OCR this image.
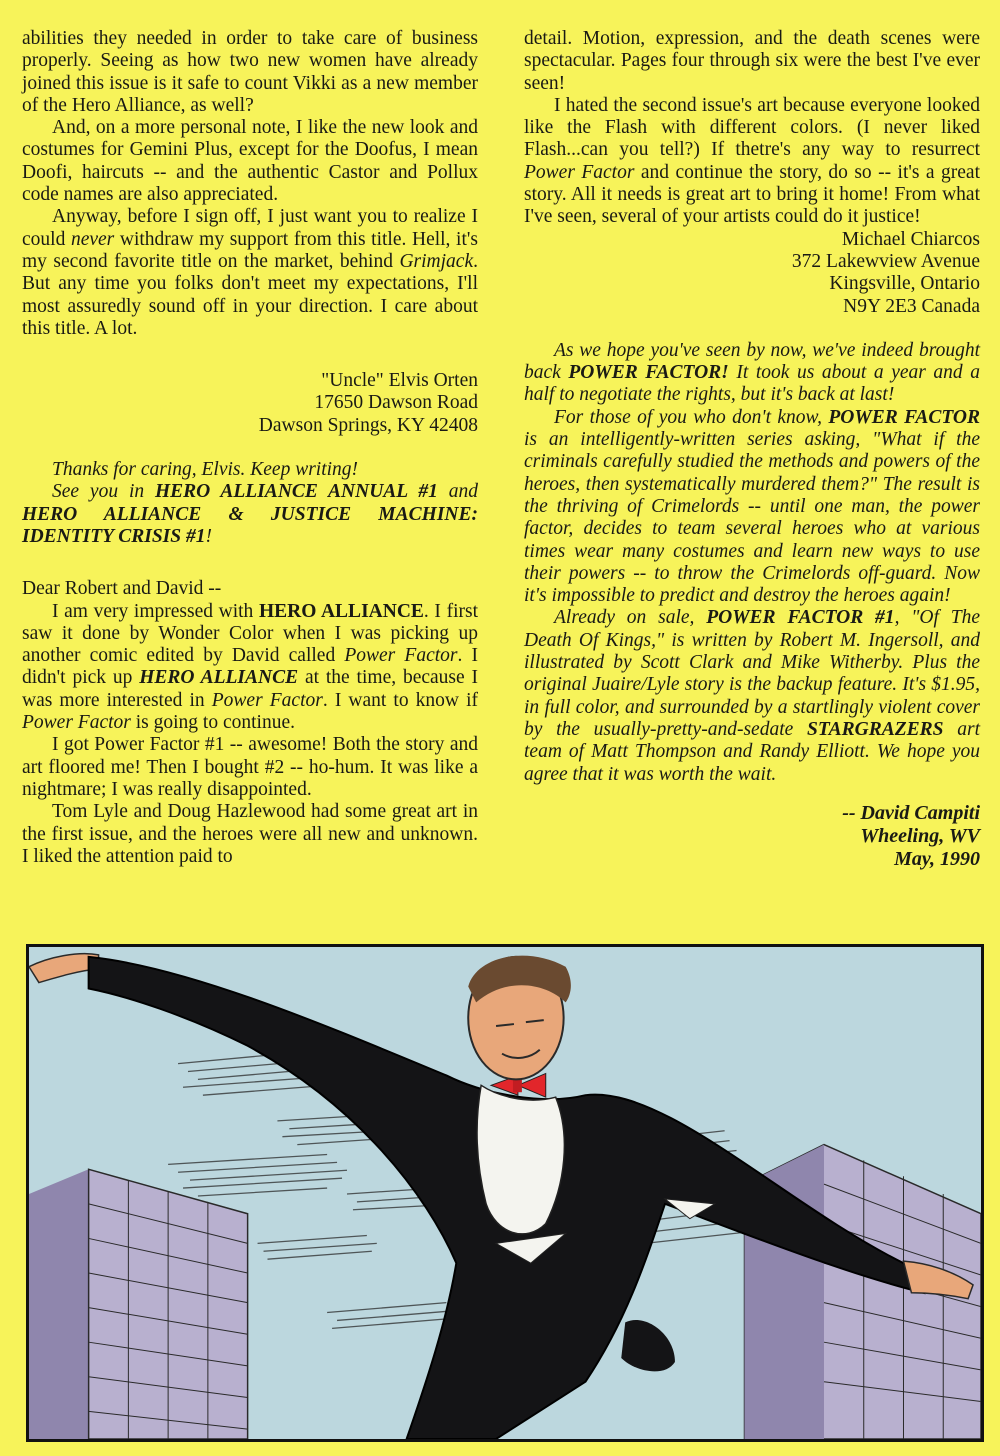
abilities they needed in order to take care of business properly. Seeing as how two new women have already joined this issue is it safe to count Vikki as a new member of the Hero Alliance, as well?

And, on a more personal note, I like the new look and costumes for Gemini Plus, except for the Doofus, I mean Doofi, haircuts -- and the authentic Castor and Pollux code names are also appreciated.

Anyway, before I sign off, I just want you to realize I could never withdraw my support from this title. Hell, it's my second favorite title on the market, behind Grimjack. But any time you folks don't meet my expectations, I'll most assuredly sound off in your direction. I care about this title. A lot.

"Uncle" Elvis Orten

17650 Dawson Road

Dawson Springs, KY 42408

Thanks for caring, Elvis. Keep writing!

See you in HERO ALLIANCE ANNUAL #1 and HERO ALLIANCE & JUSTICE MACHINE: IDENTITY CRISIS #1!

Dear Robert and David --

I am very impressed with HERO ALLIANCE. I first saw it done by Wonder Color when I was picking up another comic edited by David called Power Factor. I didn't pick up HERO ALLIANCE at the time, because I was more interested in Power Factor. I want to know if Power Factor is going to continue.

I got Power Factor #1 -- awesome! Both the story and art floored me! Then I bought #2 -- ho-hum. It was like a nightmare; I was really disappointed.

Tom Lyle and Doug Hazlewood had some great art in the first issue, and the heroes were all new and unknown. I liked the attention paid to

detail. Motion, expression, and the death scenes were spectacular. Pages four through six were the best I've ever seen!

I hated the second issue's art because everyone looked like the Flash with different colors. (I never liked Flash...can you tell?) If thetre's any way to resurrect Power Factor and continue the story, do so -- it's a great story. All it needs is great art to bring it home! From what I've seen, several of your artists could do it justice!

Michael Chiarcos

372 Lakewview Avenue

Kingsville, Ontario

N9Y 2E3 Canada

As we hope you've seen by now, we've indeed brought back POWER FACTOR! It took us about a year and a half to negotiate the rights, but it's back at last!

For those of you who don't know, POWER FACTOR is an intelligently-written series asking, "What if the criminals carefully studied the methods and powers of the heroes, then systematically murdered them?" The result is the thriving of Crimelords -- until one man, the power factor, decides to team several heroes who at various times wear many costumes and learn new ways to use their powers -- to throw the Crimelords off-guard. Now it's impossible to predict and destroy the heroes again!

Already on sale, POWER FACTOR #1, "Of The Death Of Kings," is written by Robert M. Ingersoll, and illustrated by Scott Clark and Mike Witherby. Plus the original Juaire/Lyle story is the backup feature. It's $1.95, in full color, and surrounded by a startlingly violent cover by the usually-pretty-and-sedate STARGRAZERS art team of Matt Thompson and Randy Elliott. We hope you agree that it was worth the wait.

-- David Campiti
Wheeling, WV
May, 1990
